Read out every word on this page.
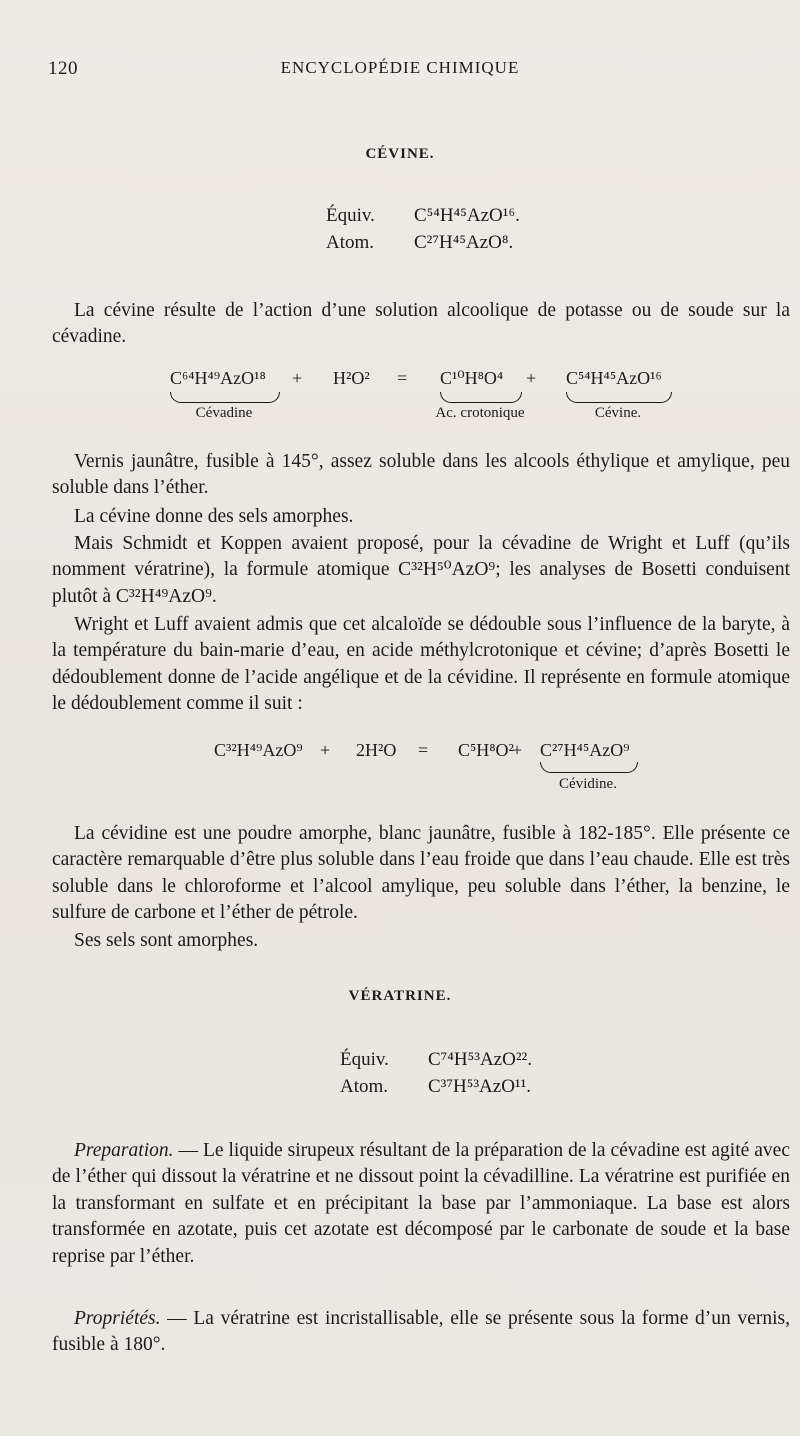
120	ENCYCLOPÉDIE CHIMIQUE
CÉVINE.
Équiv. C⁵⁴H⁴⁵AzO¹⁶.
Atom. C²⁷H⁴⁵AzO⁸.

La cévine résulte de l’action d’une solution alcoolique de potasse ou de soude sur la cévadine.

C⁶⁴H⁴⁹AzO¹⁸ + H²O² = C¹⁰H⁸O⁴ + C⁵⁴H⁴⁵AzO¹⁶
Cévadine	Ac. crotonique	Cévine.

Vernis jaunâtre, fusible à 145°, assez soluble dans les alcools éthylique et amylique, peu soluble dans l’éther.

La cévine donne des sels amorphes.

Mais Schmidt et Koppen avaient proposé, pour la cévadine de Wright et Luff (qu’ils nomment vératrine), la formule atomique C³²H⁵⁰AzO⁹; les analyses de Bosetti conduisent plutôt à C³²H⁴⁹AzO⁹.

Wright et Luff avaient admis que cet alcaloïde se dédouble sous l’influence de la baryte, à la température du bain-marie d’eau, en acide méthylcrotonique et cévine; d’après Bosetti le dédoublement donne de l’acide angélique et de la cévidine. Il représente en formule atomique le dédoublement comme il suit :

C³²H⁴⁹AzO⁹ + 2H²O = C⁵H⁸O²
+ C²⁷H⁴⁵AzO⁹
Cévidine.

La cévidine est une poudre amorphe, blanc jaunâtre, fusible à 182-185°. Elle présente ce caractère remarquable d’être plus soluble dans l’eau froide que dans l’eau chaude. Elle est très soluble dans le chloroforme et l’alcool amylique, peu soluble dans l’éther, la benzine, le sulfure de carbone et l’éther de pétrole.

Ses sels sont amorphes.

VÉRATRINE.
Équiv. C⁷⁴H⁵³AzO²².
Atom. C³⁷H⁵³AzO¹¹.

Preparation. — Le liquide sirupeux résultant de la préparation de la cévadine est agité avec de l’éther qui dissout la vératrine et ne dissout point la cévadilline. La vératrine est purifiée en la transformant en sulfate et en précipitant la base par l’ammoniaque. La base est alors transformée en azotate, puis cet azotate est décomposé par le carbonate de soude et la base reprise par l’éther.

Propriétés. — La vératrine est incristallisable, elle se présente sous la forme d’un vernis, fusible à 180°.
